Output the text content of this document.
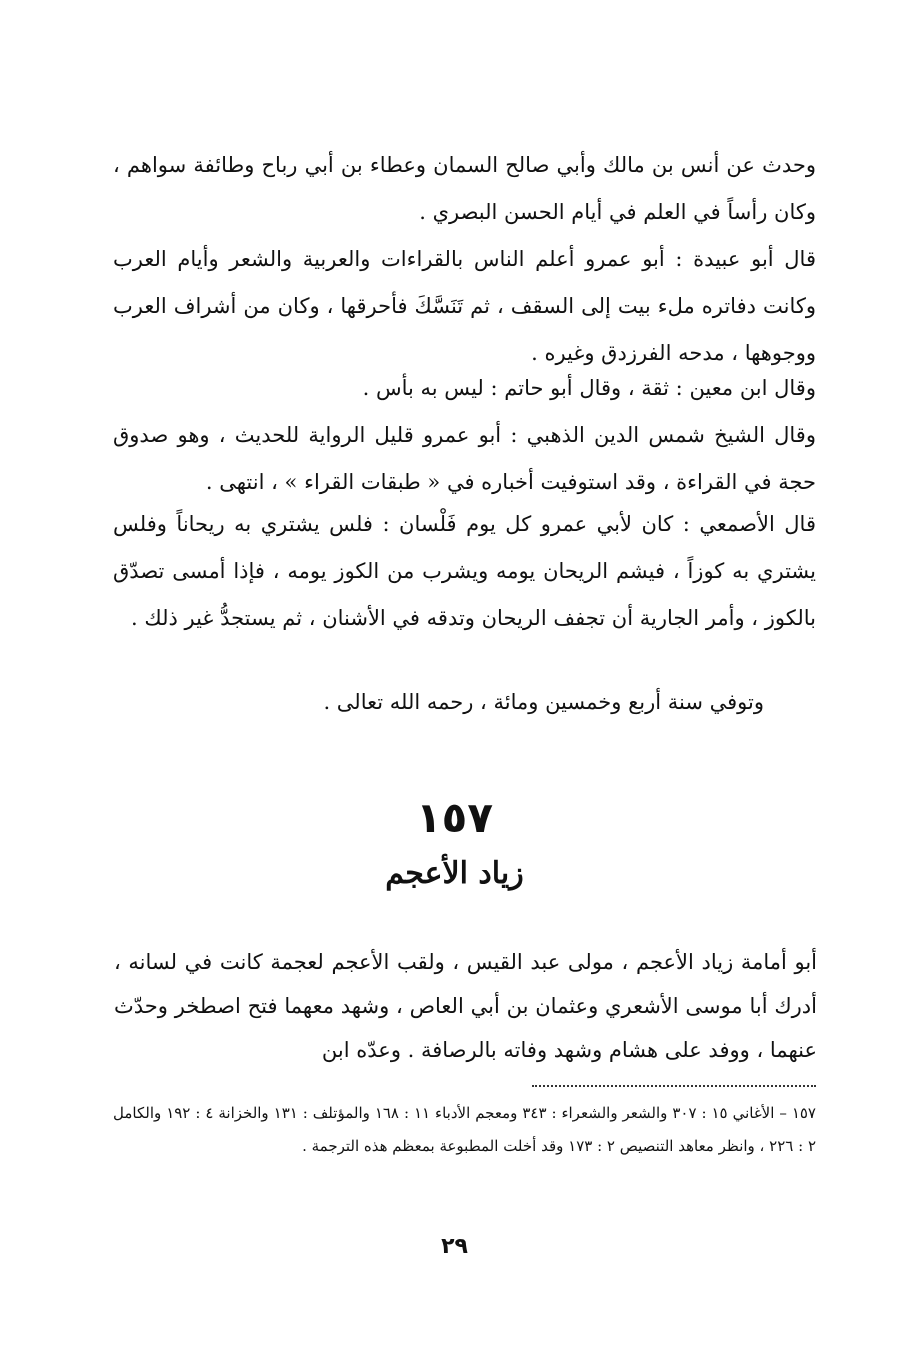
وحدث عن أنس بن مالك وأبي صالح السمان وعطاء بن أبي رباح وطائفة سواهم ، وكان رأساً في العلم في أيام الحسن البصري .

قال أبو عبيدة : أبو عمرو أعلم الناس بالقراءات والعربية والشعر وأيام العرب وكانت دفاتره ملء بيت إلى السقف ، ثم تَنَسَّكَ فأحرقها ، وكان من أشراف العرب ووجوهها ، مدحه الفرزدق وغيره .

وقال ابن معين : ثقة ، وقال أبو حاتم : ليس به بأس .

وقال الشيخ شمس الدين الذهبي : أبو عمرو قليل الرواية للحديث ، وهو صدوق حجة في القراءة ، وقد استوفيت أخباره في « طبقات القراء » ، انتهى .

قال الأصمعي : كان لأبي عمرو كل يوم فَلْسان : فلس يشتري به ريحاناً وفلس يشتري به كوزاً ، فيشم الريحان يومه ويشرب من الكوز يومه ، فإذا أمسى تصدّق بالكوز ، وأمر الجارية أن تجفف الريحان وتدقه في الأشنان ، ثم يستجدُّ غير ذلك .

وتوفي سنة أربع وخمسين ومائة ، رحمه الله تعالى .

١٥٧
زياد الأعجم

أبو أمامة زياد الأعجم ، مولى عبد القيس ، ولقب الأعجم لعجمة كانت في لسانه ، أدرك أبا موسى الأشعري وعثمان بن أبي العاص ، وشهد معهما فتح اصطخر وحدّث عنهما ، ووفد على هشام وشهد وفاته بالرصافة . وعدّه ابن

١٥٧ – الأغاني ١٥ : ٣٠٧ والشعر والشعراء : ٣٤٣ ومعجم الأدباء ١١ : ١٦٨ والمؤتلف : ١٣١ والخزانة ٤ : ١٩٢ والكامل ٢ : ٢٢٦ ، وانظر معاهد التنصيص ٢ : ١٧٣ وقد أخلت المطبوعة بمعظم هذه الترجمة .

٢٩
